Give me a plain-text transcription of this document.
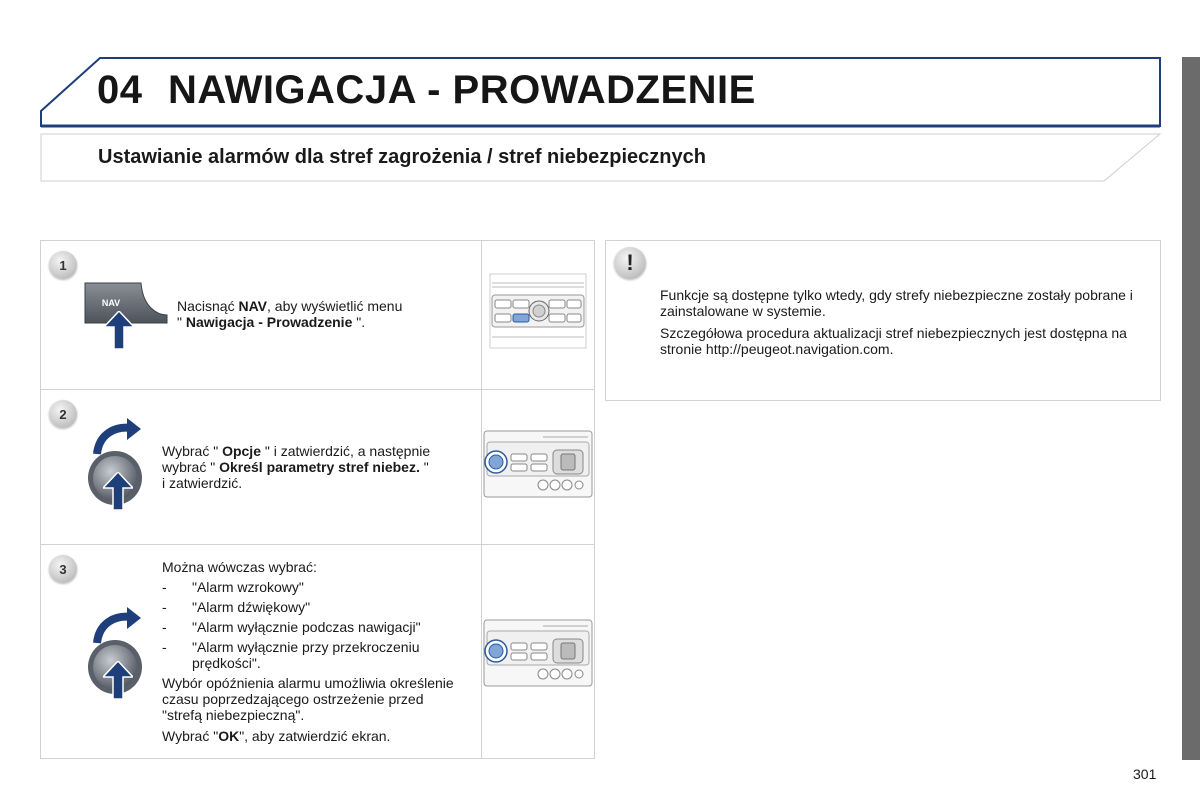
04 NAWIGACJA - PROWADZENIE
Ustawianie alarmów dla stref zagrożenia / stref niebezpiecznych
1
NAV	Nacisnąć NAV, aby wyświetlić menu
" Nawigacja - Prowadzenie ".
2
Wybrać " Opcje " i zatwierdzić, a następnie
wybrać " Określ parametry stref niebez. "
i zatwierdzić.
3	Można wówczas wybrać:
- "Alarm wzrokowy"
- "Alarm dźwiękowy"
- "Alarm wyłącznie podczas nawigacji"
- "Alarm wyłącznie przy przekroczeniu prędkości".
Wybór opóźnienia alarmu umożliwia określenie czasu poprzedzającego ostrzeżenie przed "strefą niebezpieczną".
Wybrać "OK", aby zatwierdzić ekran.
!

Funkcje są dostępne tylko wtedy, gdy strefy niebezpieczne zostały pobrane i zainstalowane w systemie.

Szczegółowa procedura aktualizacji stref niebezpiecznych jest dostępna na stronie http://peugeot.navigation.com.

301
